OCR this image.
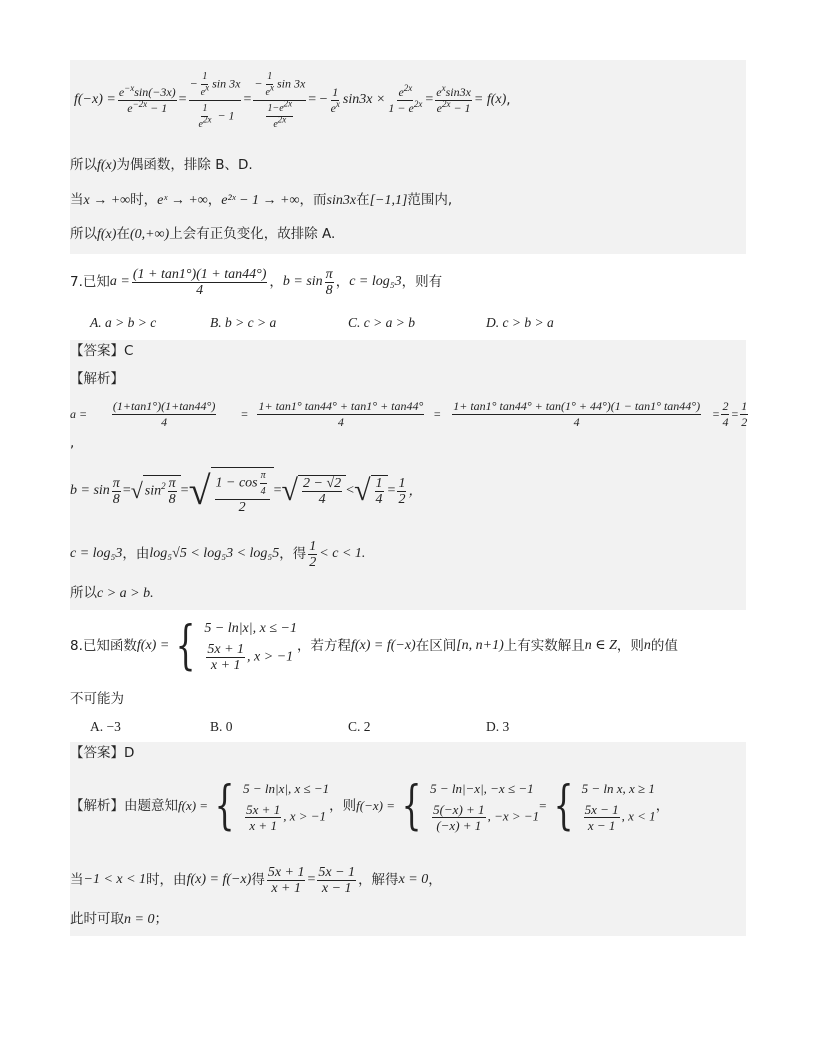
$f(-x) = \frac{e^{-x}\sin(-3x)}{e^{-2x} - 1} = \frac{- \frac{1}{e^x} \sin 3x}{\frac{1}{e^{2x}} - 1} = \frac{- \frac{1}{e^x} \sin 3x}{\frac{1-e^{2x}}{e^{2x}}}$ = − $\frac{1}{e^x} \sin 3x \times \frac{e^{2x}}{1 - e^{2x}} = \frac{e^x\sin 3x}{e^{2x} - 1} = f(x)$ ,
所以f(x)为偶函数，排除 B、D.
当x → +∞时，eˣ → +∞，e²ˣ − 1 → +∞，而sin3x在[−1,1]范围内,
所以f(x)在(0,+∞)上会有正负变化，故排除 A.
7.已知 $a = \frac{(1 + \tan 1^\circ)(1 + \tan 44^\circ)}{4}$ ， $b = \sin \frac{\pi}{8}$ ， c = log₅3 ，则有
A. a > b > c	B. b > c > a	C. c > a > b	D. c > b > a
【答案】C
【解析】
$a = \frac{(1+\tan 1^\circ)(1+\tan 44^\circ)}{4} = \frac{1+ \tan 1^\circ \tan 44^\circ + \tan 1^\circ + \tan 44^\circ}{4} = \frac{1+ \tan 1^\circ \tan 44^\circ + \tan(1^\circ + 44^\circ)(1 - \tan 1^\circ \tan 44^\circ)}{4} = \frac{2}{4} = \frac{1}{2}$
,
$b = \sin \frac{\pi}{8}$ = √ $\sin^2 \frac{\pi}{8}$ = √ $\frac{1 - \cos \frac{\pi}{4}}{2}$ = √ $\frac{2 - √2}{4}$ < √ $\frac{1}{4} = \frac{1}{2}$ ，
c = log₅3 ，由 log₅√5 < log₅3 < log₅5 ，得 $\frac{1}{2} < c < 1$.
所以c > a > b.
8.已知函数 f(x) = { 5 − ln|x|, x ≤ −1
$\frac{5x + 1}{x + 1}$ , x > −1
，若方程 f(x) = f(−x) 在区间 [n, n+1) 上有实数解且 n ∈ Z ，则 n 的值
不可能为
A. −3	B. 0	C. 2	D. 3
【答案】D
【解析】由题意知 f(x) = { 5 − ln|x|, x ≤ −1
$\frac{5x + 1}{x + 1}$ , x > −1
，则 f(−x) = { 5 − ln|−x|, −x ≤ −1
$\frac{5(-x) + 1}{(-x) + 1}$ , −x > −1
= { 5 − ln x, x ≥ 1
$\frac{5x - 1}{x - 1}$ , x < 1
，
当 −1 < x < 1 时，由 f(x) = f(−x) 得 $\frac{5x + 1}{x + 1} = \frac{5x - 1}{x - 1}$ ，解得 x = 0 ，
此时可取n = 0；
